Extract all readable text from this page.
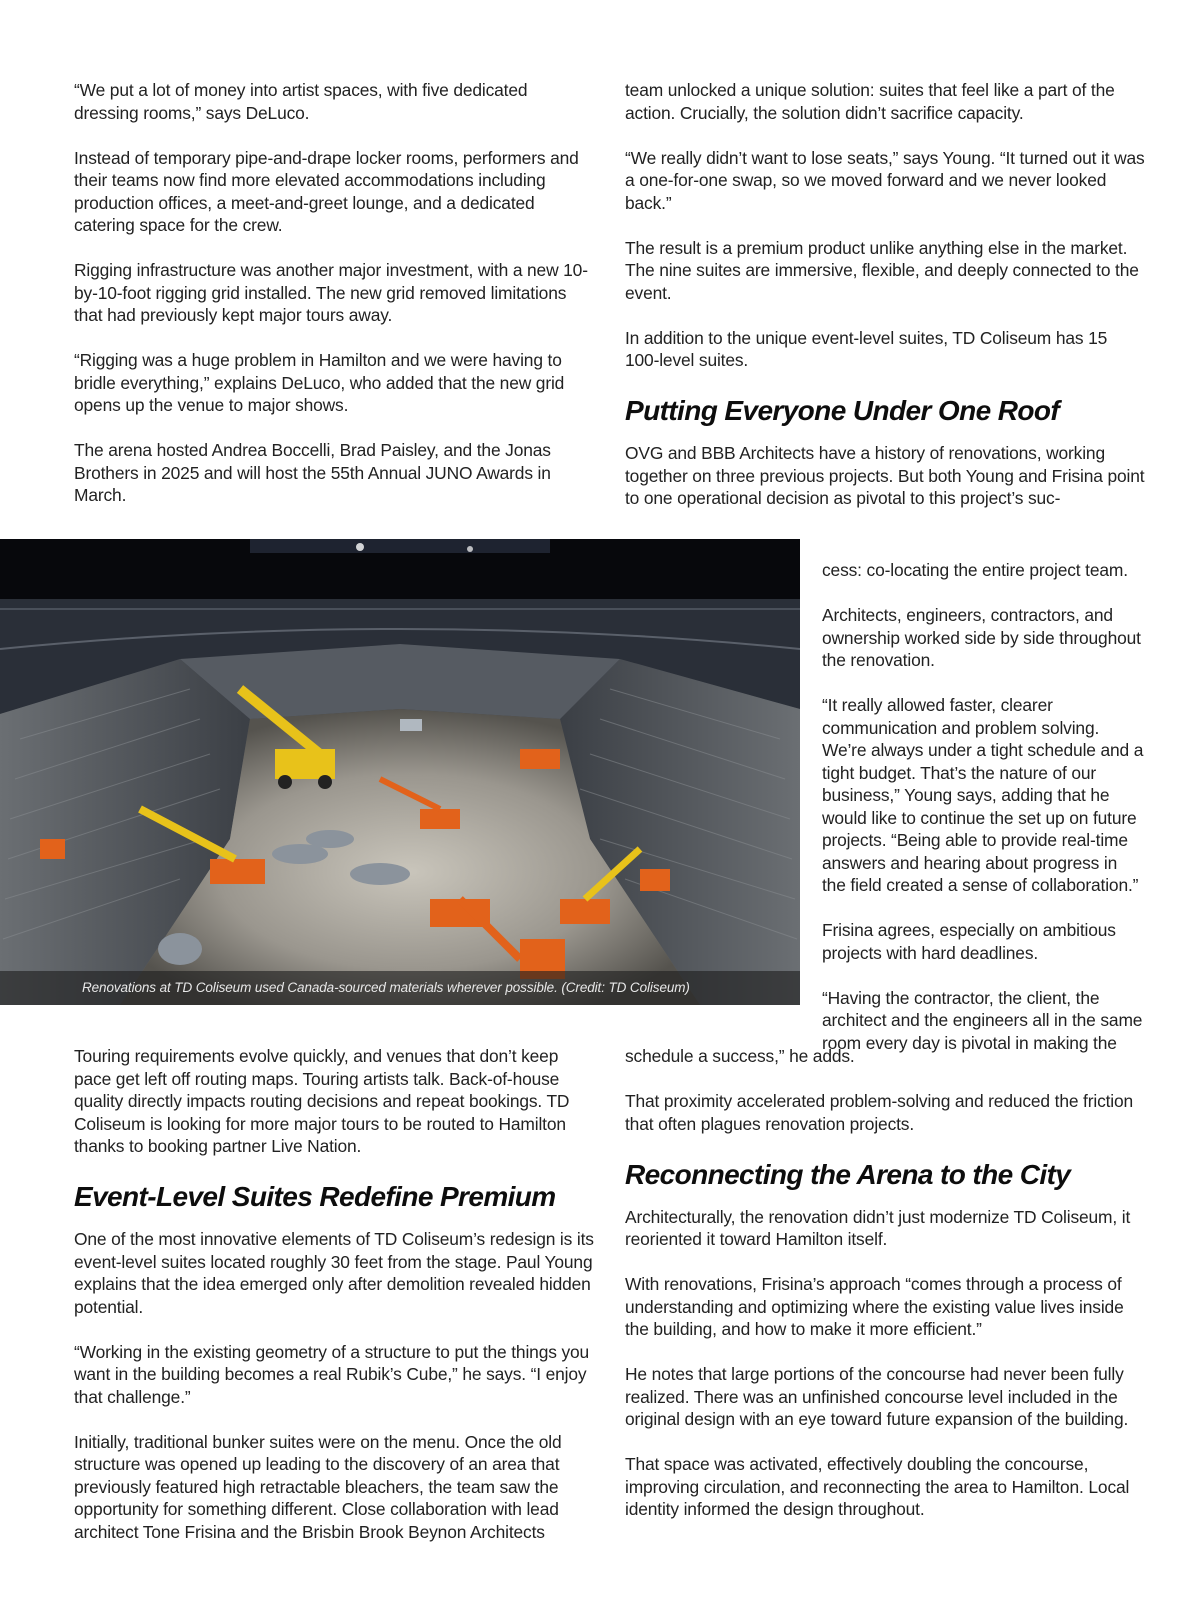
“We put a lot of money into artist spaces, with five dedicated dressing rooms,” says DeLuco.

Instead of temporary pipe-and-drape locker rooms, performers and their teams now find more elevated accommodations including production offices, a meet-and-greet lounge, and a dedicated catering space for the crew.

Rigging infrastructure was another major investment, with a new 10-by-10-foot rigging grid installed. The new grid removed limitations that had previously kept major tours away.

“Rigging was a huge problem in Hamilton and we were having to bridle everything,” explains DeLuco, who added that the new grid opens up the venue to major shows.

The arena hosted Andrea Boccelli, Brad Paisley, and the Jonas Brothers in 2025 and will host the 55th Annual JUNO Awards in March.

Renovations at TD Coliseum used Canada-sourced materials wherever possible. (Credit: TD Coliseum)

Touring requirements evolve quickly, and venues that don’t keep pace get left off routing maps. Touring artists talk. Back-of-house quality directly impacts routing decisions and repeat bookings. TD Coliseum is looking for more major tours to be routed to Hamilton thanks to booking partner Live Nation.

Event-Level Suites Redefine Premium

One of the most innovative elements of TD Coliseum’s redesign is its event-level suites located roughly 30 feet from the stage. Paul Young explains that the idea emerged only after demolition revealed hidden potential.

“Working in the existing geometry of a structure to put the things you want in the building becomes a real Rubik’s Cube,” he says. “I enjoy that challenge.”

Initially, traditional bunker suites were on the menu. Once the old structure was opened up leading to the discovery of an area that previously featured high retractable bleachers, the team saw the opportunity for something different. Close collaboration with lead architect Tone Frisina and the Brisbin Brook Beynon Architects

team unlocked a unique solution: suites that feel like a part of the action. Crucially, the solution didn’t sacrifice capacity.

“We really didn’t want to lose seats,” says Young. “It turned out it was a one-for-one swap, so we moved forward and we never looked back.”

The result is a premium product unlike anything else in the market. The nine suites are immersive, flexible, and deeply connected to the event.

In addition to the unique event-level suites, TD Coliseum has 15 100-level suites.

Putting Everyone Under One Roof

OVG and BBB Architects have a history of renovations, working together on three previous projects. But both Young and Frisina point to one operational decision as pivotal to this project’s suc-

cess: co-locating the entire project team.

Architects, engineers, contractors, and ownership worked side by side throughout the renovation.

“It really allowed faster, clearer communication and problem solving. We’re always under a tight schedule and a tight budget. That’s the nature of our business,” Young says, adding that he would like to continue the set up on future projects. “Being able to provide real-time answers and hearing about progress in the field created a sense of collaboration.”

Frisina agrees, especially on ambitious projects with hard deadlines.

“Having the contractor, the client, the architect and the engineers all in the same room every day is pivotal in making the

schedule a success,” he adds.

That proximity accelerated problem-solving and reduced the friction that often plagues renovation projects.

Reconnecting the Arena to the City

Architecturally, the renovation didn’t just modernize TD Coliseum, it reoriented it toward Hamilton itself.

With renovations, Frisina’s approach “comes through a process of understanding and optimizing where the existing value lives inside the building, and how to make it more efficient.”

He notes that large portions of the concourse had never been fully realized. There was an unfinished concourse level included in the original design with an eye toward future expansion of the building.

That space was activated, effectively doubling the concourse, improving circulation, and reconnecting the area to Hamilton. Local identity informed the design throughout.
